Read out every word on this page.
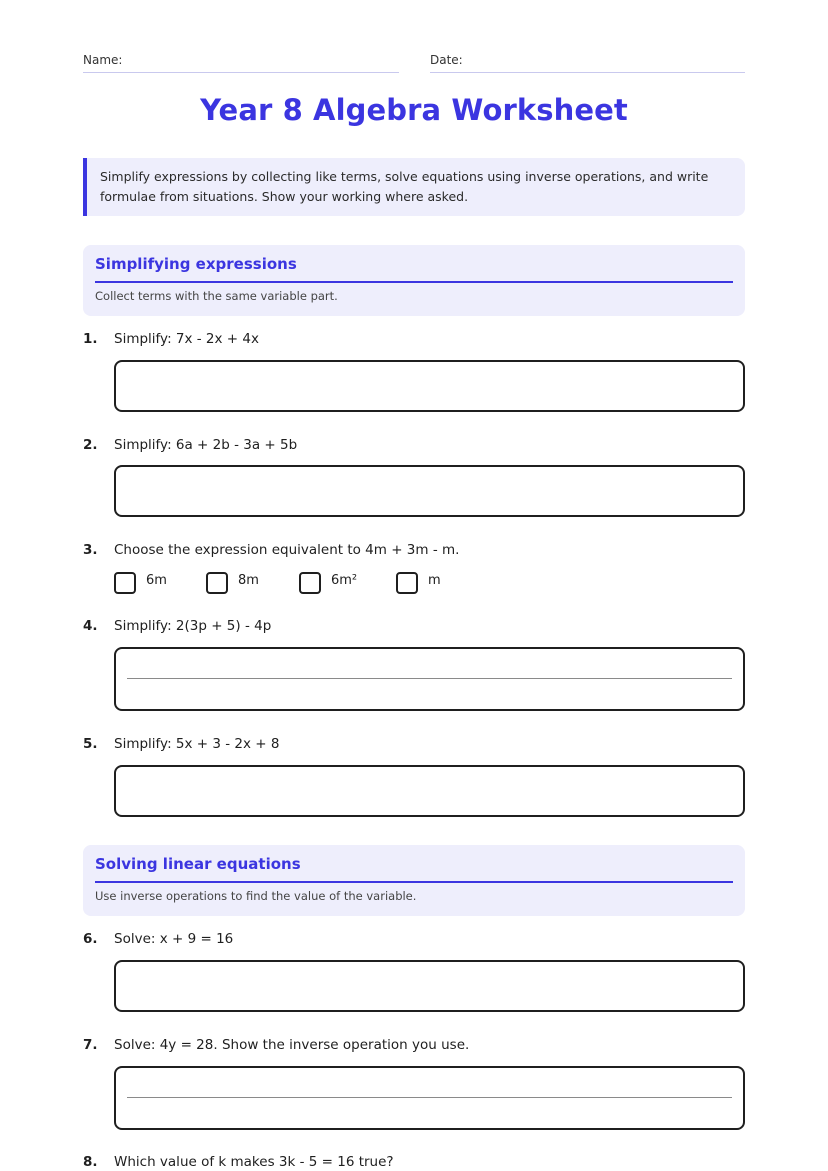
Name:	Date:
Year 8 Algebra Worksheet
Simplify expressions by collecting like terms, solve equations using inverse operations, and write formulae from situations. Show your working where asked.
Simplifying expressions
Collect terms with the same variable part.
1. Simplify: 7x - 2x + 4x
2. Simplify: 6a + 2b - 3a + 5b
3. Choose the expression equivalent to 4m + 3m - m.
6m	8m	6m²	m
4. Simplify: 2(3p + 5) - 4p
5. Simplify: 5x + 3 - 2x + 8
Solving linear equations
Use inverse operations to find the value of the variable.
6. Solve: x + 9 = 16
7. Solve: 4y = 28. Show the inverse operation you use.
8. Which value of k makes 3k - 5 = 16 true?
